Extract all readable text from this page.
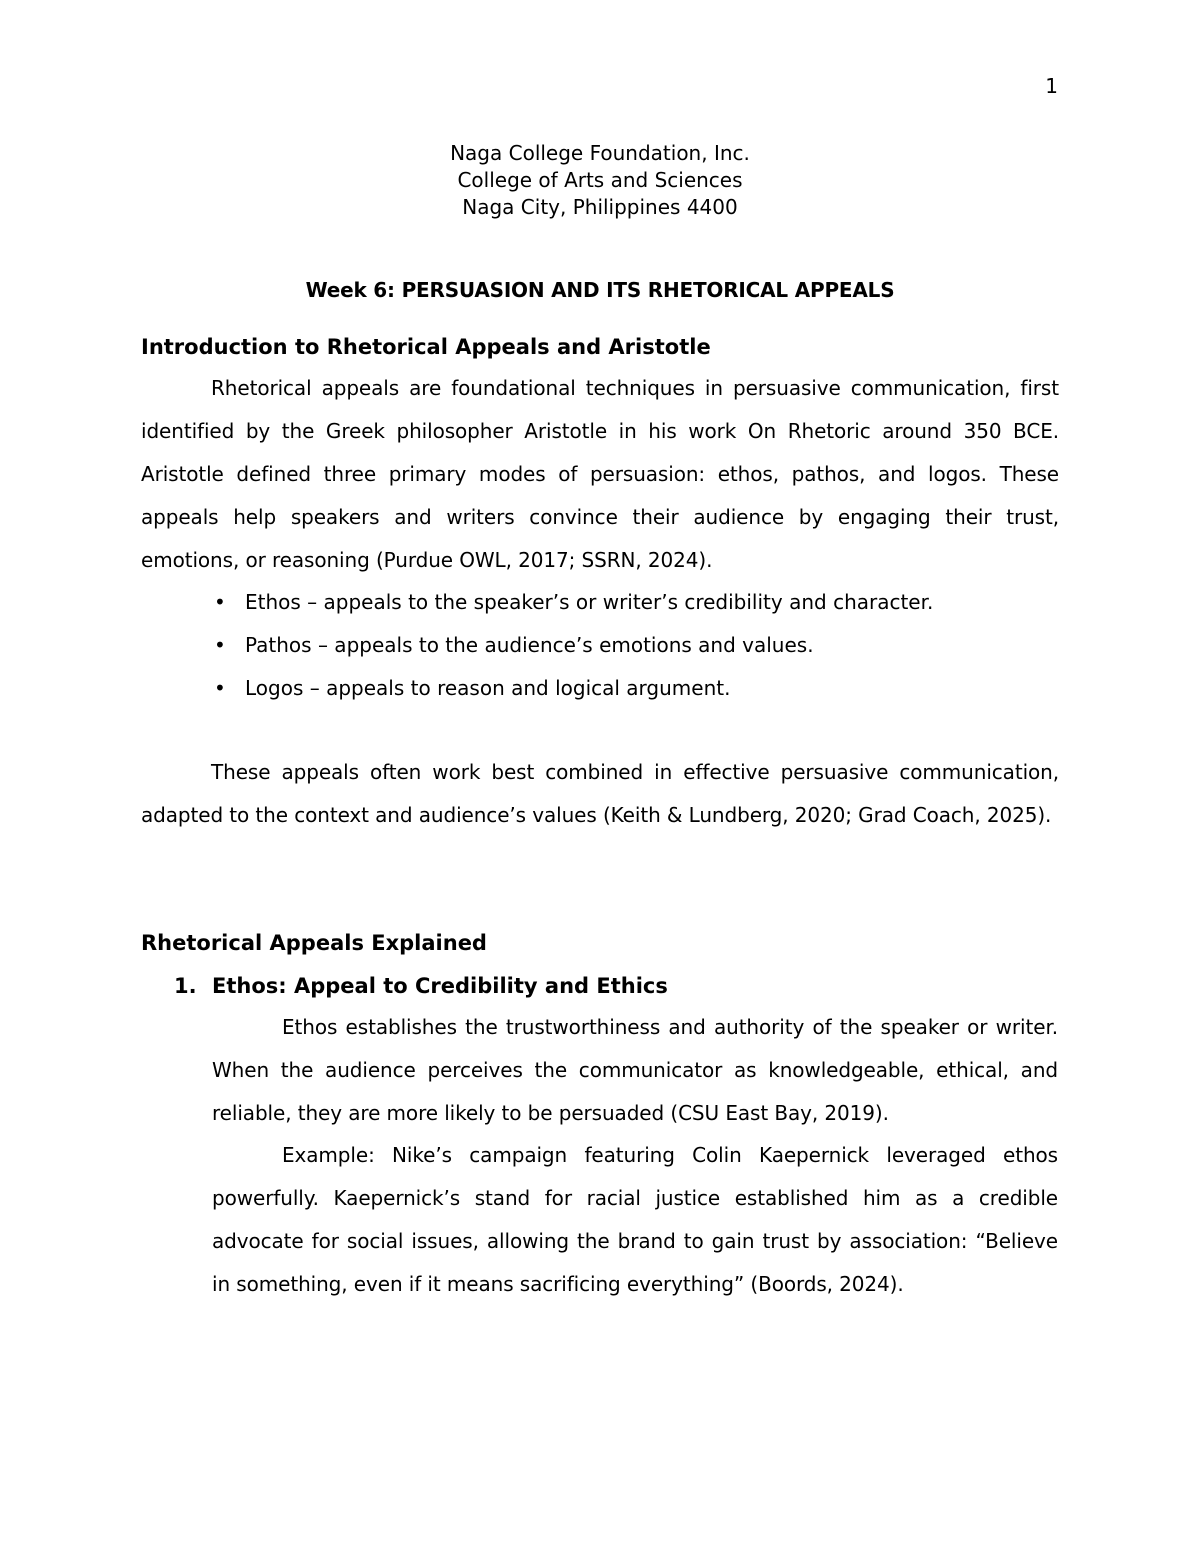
1
Naga College Foundation, Inc.
College of Arts and Sciences
Naga City, Philippines 4400
Week 6: PERSUASION AND ITS RHETORICAL APPEALS
Introduction to Rhetorical Appeals and Aristotle
Rhetorical appeals are foundational techniques in persuasive communication, first identified by the Greek philosopher Aristotle in his work On Rhetoric around 350 BCE. Aristotle defined three primary modes of persuasion: ethos, pathos, and logos. These appeals help speakers and writers convince their audience by engaging their trust, emotions, or reasoning (Purdue OWL, 2017; SSRN, 2024).
• Ethos – appeals to the speaker’s or writer’s credibility and character.
• Pathos – appeals to the audience’s emotions and values.
• Logos – appeals to reason and logical argument.
These appeals often work best combined in effective persuasive communication, adapted to the context and audience’s values (Keith & Lundberg, 2020; Grad Coach, 2025).
Rhetorical Appeals Explained
1. Ethos: Appeal to Credibility and Ethics
Ethos establishes the trustworthiness and authority of the speaker or writer. When the audience perceives the communicator as knowledgeable, ethical, and reliable, they are more likely to be persuaded (CSU East Bay, 2019).
Example: Nike’s campaign featuring Colin Kaepernick leveraged ethos powerfully. Kaepernick’s stand for racial justice established him as a credible advocate for social issues, allowing the brand to gain trust by association: “Believe in something, even if it means sacrificing everything” (Boords, 2024).
